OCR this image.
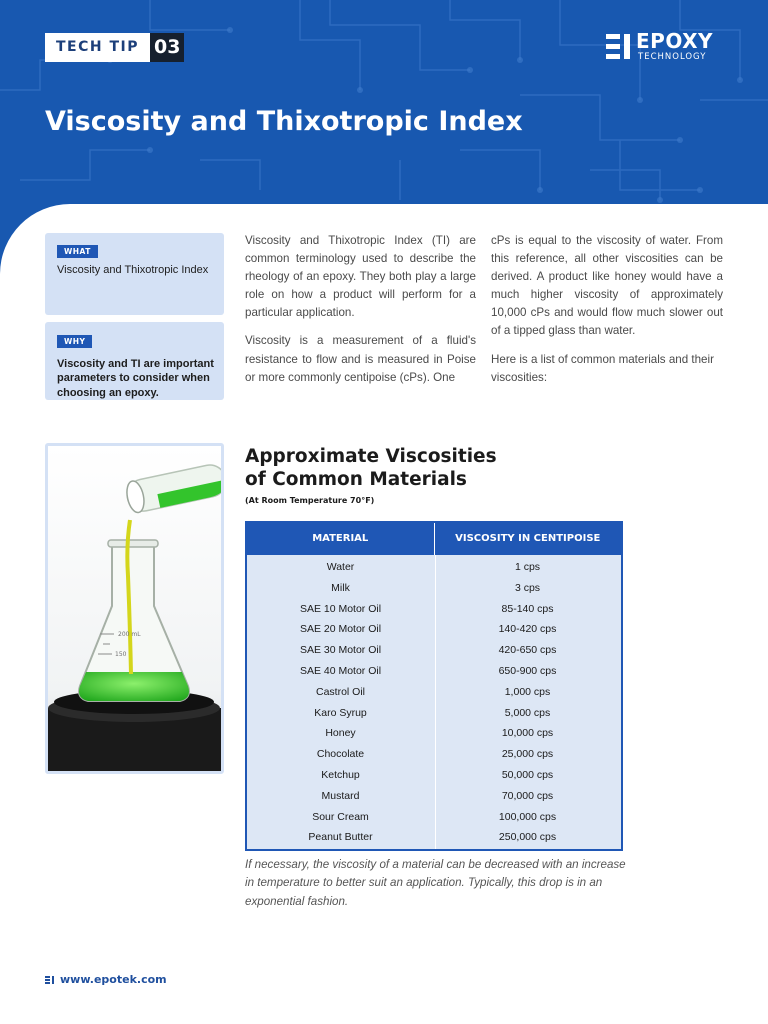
TECH TIP 03	EPOXY
TECHNOLOGY
Viscosity and Thixotropic Index
WHAT
Viscosity and Thixotropic Index
WHY
Viscosity and TI are important parameters to consider when choosing an epoxy.
200 mL
150

Viscosity and Thixotropic Index (TI) are common terminology used to describe the rheology of an epoxy. They both play a large role on how a product will perform for a particular application.

Viscosity is a measurement of a fluid's resistance to flow and is measured in Poise or more commonly centipoise (cPs). One

cPs is equal to the viscosity of water. From this reference, all other viscosities can be derived. A product like honey would have a much higher viscosity of approximately 10,000 cPs and would flow much slower out of a tipped glass than water.

Here is a list of common materials and their viscosities:

Approximate Viscosities
of Common Materials
(At Room Temperature 70°F)
MATERIAL	VISCOSITY IN CENTIPOISE
Water	1 cps
Milk	3 cps
SAE 10 Motor Oil	85-140 cps
SAE 20 Motor Oil	140-420 cps
SAE 30 Motor Oil	420-650 cps
SAE 40 Motor Oil	650-900 cps
Castrol Oil	1,000 cps
Karo Syrup	5,000 cps
Honey	10,000 cps
Chocolate	25,000 cps
Ketchup	50,000 cps
Mustard	70,000 cps
Sour Cream	100,000 cps
Peanut Butter	250,000 cps

If necessary, the viscosity of a material can be decreased with an increase in temperature to better suit an application. Typically, this drop is in an exponential fashion.

www.epotek.com
